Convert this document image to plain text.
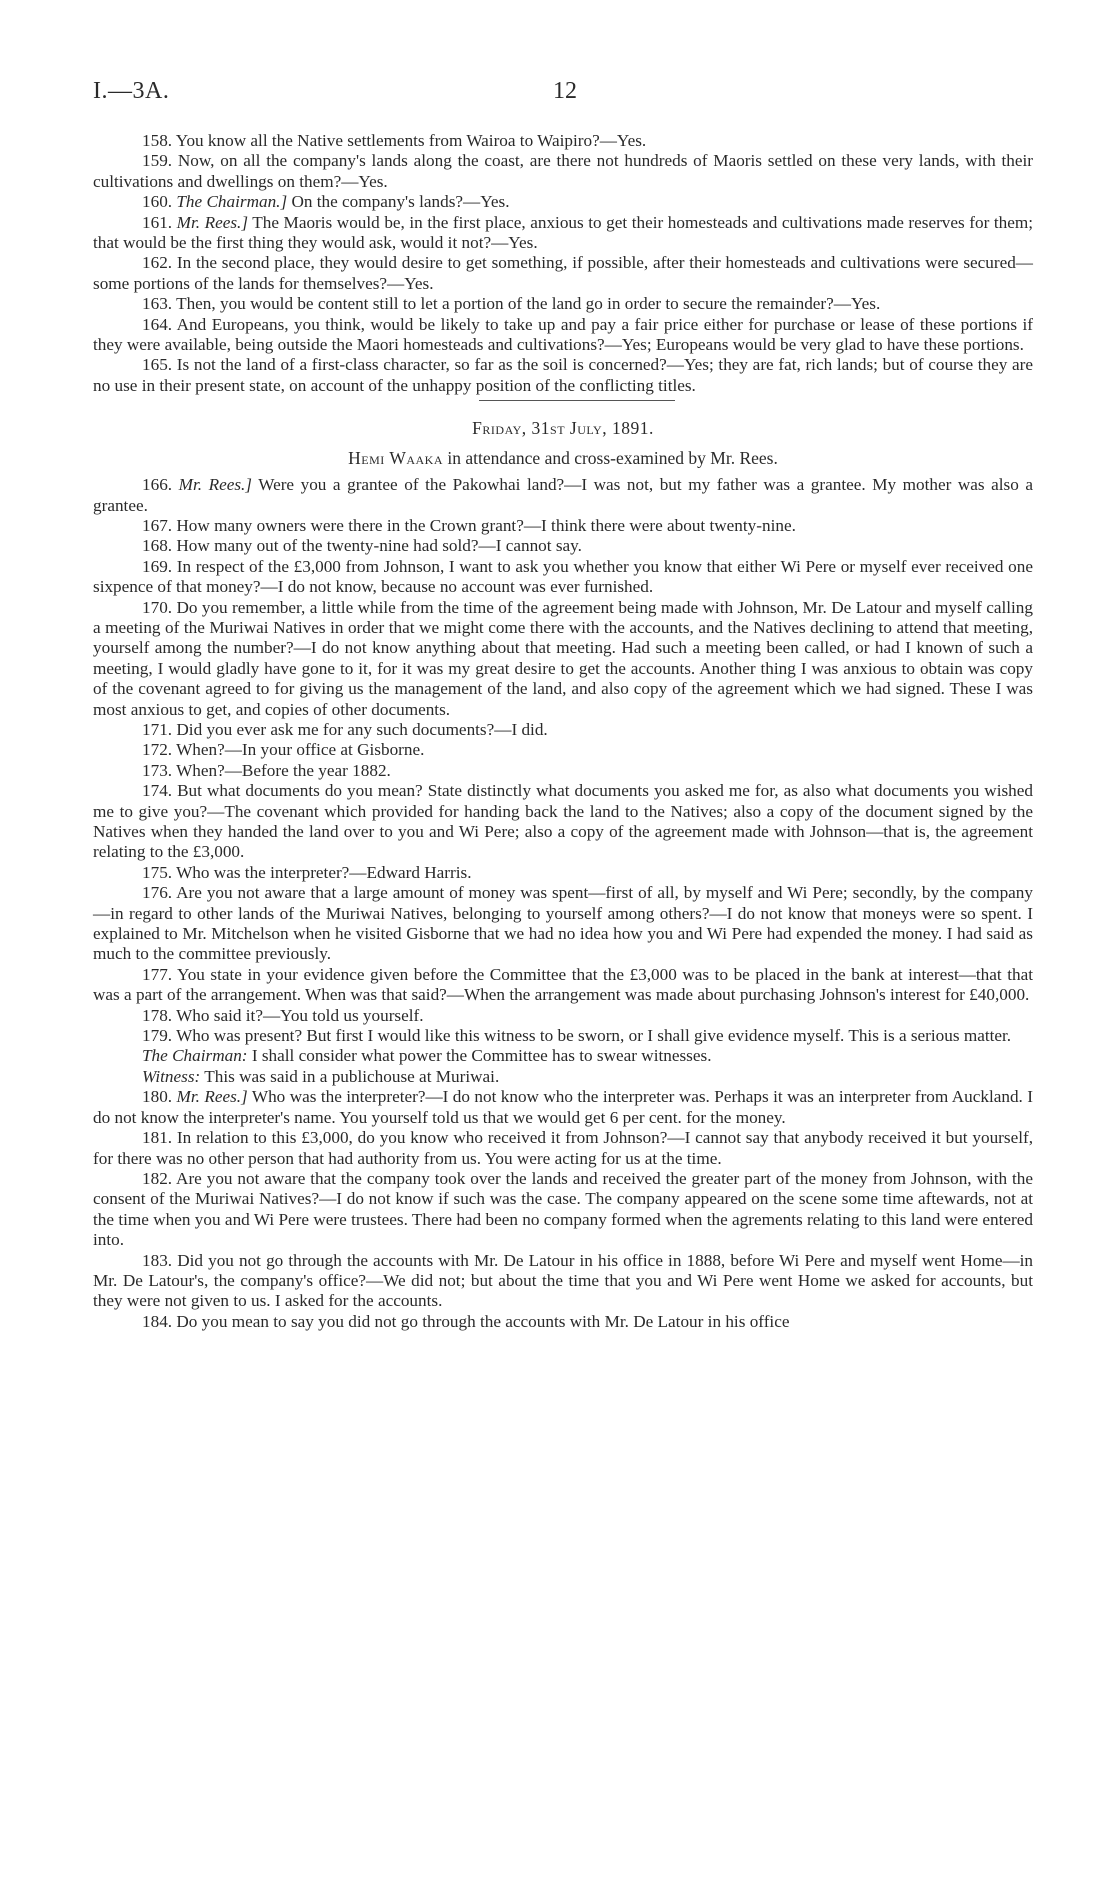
I.—3A.	12

158. You know all the Native settlements from Wairoa to Waipiro?—Yes.

159. Now, on all the company's lands along the coast, are there not hundreds of Maoris settled on these very lands, with their cultivations and dwellings on them?—Yes.

160. The Chairman.] On the company's lands?—Yes.

161. Mr. Rees.] The Maoris would be, in the first place, anxious to get their homesteads and cultivations made reserves for them; that would be the first thing they would ask, would it not?—Yes.

162. In the second place, they would desire to get something, if possible, after their homesteads and cultivations were secured—some portions of the lands for themselves?—Yes.

163. Then, you would be content still to let a portion of the land go in order to secure the remainder?—Yes.

164. And Europeans, you think, would be likely to take up and pay a fair price either for purchase or lease of these portions if they were available, being outside the Maori homesteads and cultivations?—Yes; Europeans would be very glad to have these portions.

165. Is not the land of a first-class character, so far as the soil is concerned?—Yes; they are fat, rich lands; but of course they are no use in their present state, on account of the unhappy position of the conflicting titles.

Friday, 31st July, 1891.
Hemi Waaka in attendance and cross-examined by Mr. Rees.

166. Mr. Rees.] Were you a grantee of the Pakowhai land?—I was not, but my father was a grantee. My mother was also a grantee.

167. How many owners were there in the Crown grant?—I think there were about twenty-nine.

168. How many out of the twenty-nine had sold?—I cannot say.

169. In respect of the £3,000 from Johnson, I want to ask you whether you know that either Wi Pere or myself ever received one sixpence of that money?—I do not know, because no account was ever furnished.

170. Do you remember, a little while from the time of the agreement being made with Johnson, Mr. De Latour and myself calling a meeting of the Muriwai Natives in order that we might come there with the accounts, and the Natives declining to attend that meeting, yourself among the number?—I do not know anything about that meeting. Had such a meeting been called, or had I known of such a meeting, I would gladly have gone to it, for it was my great desire to get the accounts. Another thing I was anxious to obtain was copy of the covenant agreed to for giving us the management of the land, and also copy of the agreement which we had signed. These I was most anxious to get, and copies of other documents.

171. Did you ever ask me for any such documents?—I did.

172. When?—In your office at Gisborne.

173. When?—Before the year 1882.

174. But what documents do you mean? State distinctly what documents you asked me for, as also what documents you wished me to give you?—The covenant which provided for handing back the land to the Natives; also a copy of the document signed by the Natives when they handed the land over to you and Wi Pere; also a copy of the agreement made with Johnson—that is, the agreement relating to the £3,000.

175. Who was the interpreter?—Edward Harris.

176. Are you not aware that a large amount of money was spent—first of all, by myself and Wi Pere; secondly, by the company—in regard to other lands of the Muriwai Natives, belonging to yourself among others?—I do not know that moneys were so spent. I explained to Mr. Mitchelson when he visited Gisborne that we had no idea how you and Wi Pere had expended the money. I had said as much to the committee previously.

177. You state in your evidence given before the Committee that the £3,000 was to be placed in the bank at interest—that that was a part of the arrangement. When was that said?—When the arrangement was made about purchasing Johnson's interest for £40,000.

178. Who said it?—You told us yourself.

179. Who was present? But first I would like this witness to be sworn, or I shall give evidence myself. This is a serious matter.

The Chairman: I shall consider what power the Committee has to swear witnesses.

Witness: This was said in a publichouse at Muriwai.

180. Mr. Rees.] Who was the interpreter?—I do not know who the interpreter was. Perhaps it was an interpreter from Auckland. I do not know the interpreter's name. You yourself told us that we would get 6 per cent. for the money.

181. In relation to this £3,000, do you know who received it from Johnson?—I cannot say that anybody received it but yourself, for there was no other person that had authority from us. You were acting for us at the time.

182. Are you not aware that the company took over the lands and received the greater part of the money from Johnson, with the consent of the Muriwai Natives?—I do not know if such was the case. The company appeared on the scene some time aftewards, not at the time when you and Wi Pere were trustees. There had been no company formed when the agrements relating to this land were entered into.

183. Did you not go through the accounts with Mr. De Latour in his office in 1888, before Wi Pere and myself went Home—in Mr. De Latour's, the company's office?—We did not; but about the time that you and Wi Pere went Home we asked for accounts, but they were not given to us. I asked for the accounts.

184. Do you mean to say you did not go through the accounts with Mr. De Latour in his office
